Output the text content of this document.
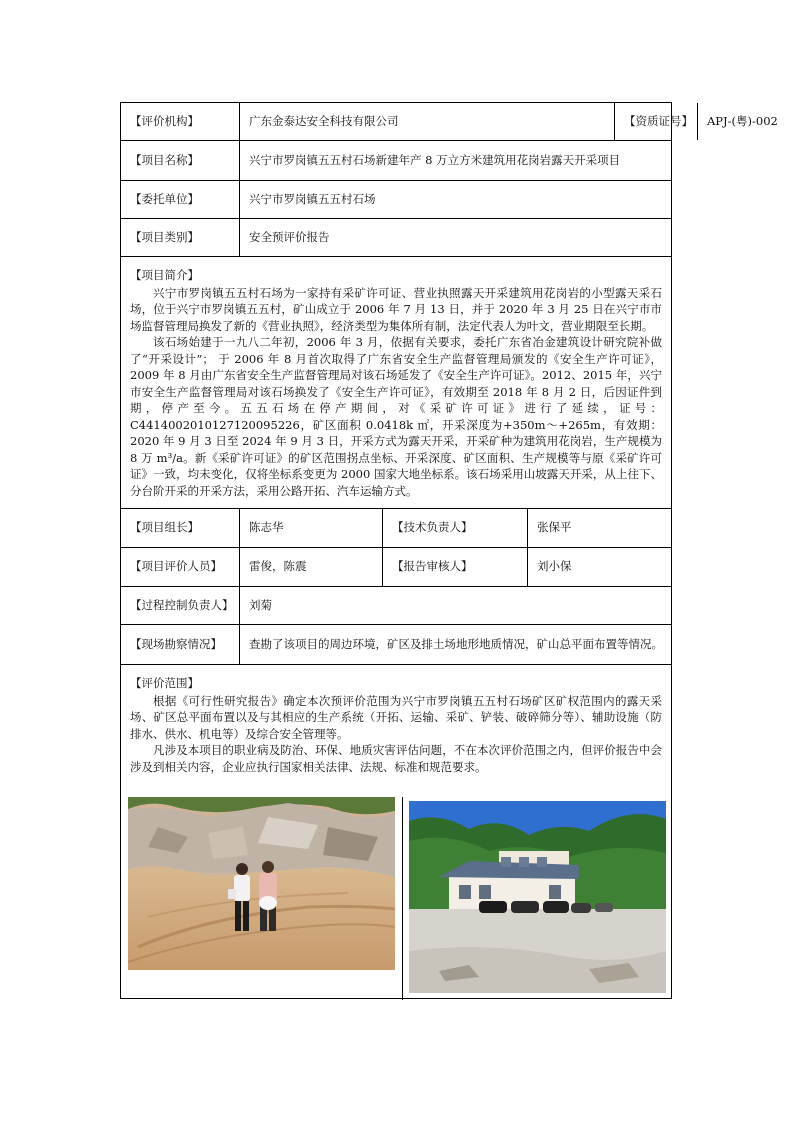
【评价机构】	广东金泰达安全科技有限公司	【资质证号】	APJ-(粤)-002
【项目名称】	兴宁市罗岗镇五五村石场新建年产 8 万立方米建筑用花岗岩露天开采项目
【委托单位】	兴宁市罗岗镇五五村石场
【项目类别】	安全预评价报告
【项目简介】

兴宁市罗岗镇五五村石场为一家持有采矿许可证、营业执照露天开采建筑用花岗岩的小型露天采石场，位于兴宁市罗岗镇五五村，矿山成立于 2006 年 7 月 13 日，并于 2020 年 3 月 25 日在兴宁市市场监督管理局换发了新的《营业执照》，经济类型为集体所有制，法定代表人为叶文，营业期限至长期。

该石场始建于一九八二年初，2006 年 3 月，依据有关要求，委托广东省冶金建筑设计研究院补做了“开采设计”； 于 2006 年 8 月首次取得了广东省安全生产监督管理局颁发的《安全生产许可证》，2009 年 8 月由广东省安全生产监督管理局对该石场延发了《安全生产许可证》。2012、2015 年，兴宁市安全生产监督管理局对该石场换发了《安全生产许可证》，有效期至 2018 年 8 月 2 日，后因证件到期，停产至今。五五石场在停产期间，对《采矿许可证》进行了延续，证号：C4414002010127120095226，矿区面积 0.0418k ㎡，开采深度为+350m～+265m，有效期：2020 年 9 月 3 日至 2024 年 9 月 3 日，开采方式为露天开采，开采矿种为建筑用花岗岩，生产规模为 8 万 m³/a。新《采矿许可证》的矿区范围拐点坐标、开采深度、矿区面积、生产规模等与原《采矿许可证》一致，均未变化，仅将坐标系变更为 2000 国家大地坐标系。该石场采用山坡露天开采，从上往下、分台阶开采的开采方法，采用公路开拓、汽车运输方式。

【项目组长】	陈志华	【技术负责人】	张保平
【项目评价人员】	雷俊，陈震	【报告审核人】	刘小保
【过程控制负责人】	刘菊
【现场勘察情况】	查勘了该项目的周边环境，矿区及排土场地形地质情况，矿山总平面布置等情况。
【评价范围】

根据《可行性研究报告》确定本次预评价范围为兴宁市罗岗镇五五村石场矿区矿权范围内的露天采场、矿区总平面布置以及与其相应的生产系统（开拓、运输、采矿、铲装、破碎筛分等）、辅助设施（防排水、供水、机电等）及综合安全管理等。

凡涉及本项目的职业病及防治、环保、地质灾害评估问题，不在本次评价范围之内，但评价报告中会涉及到相关内容，企业应执行国家相关法律、法规、标准和规范要求。
